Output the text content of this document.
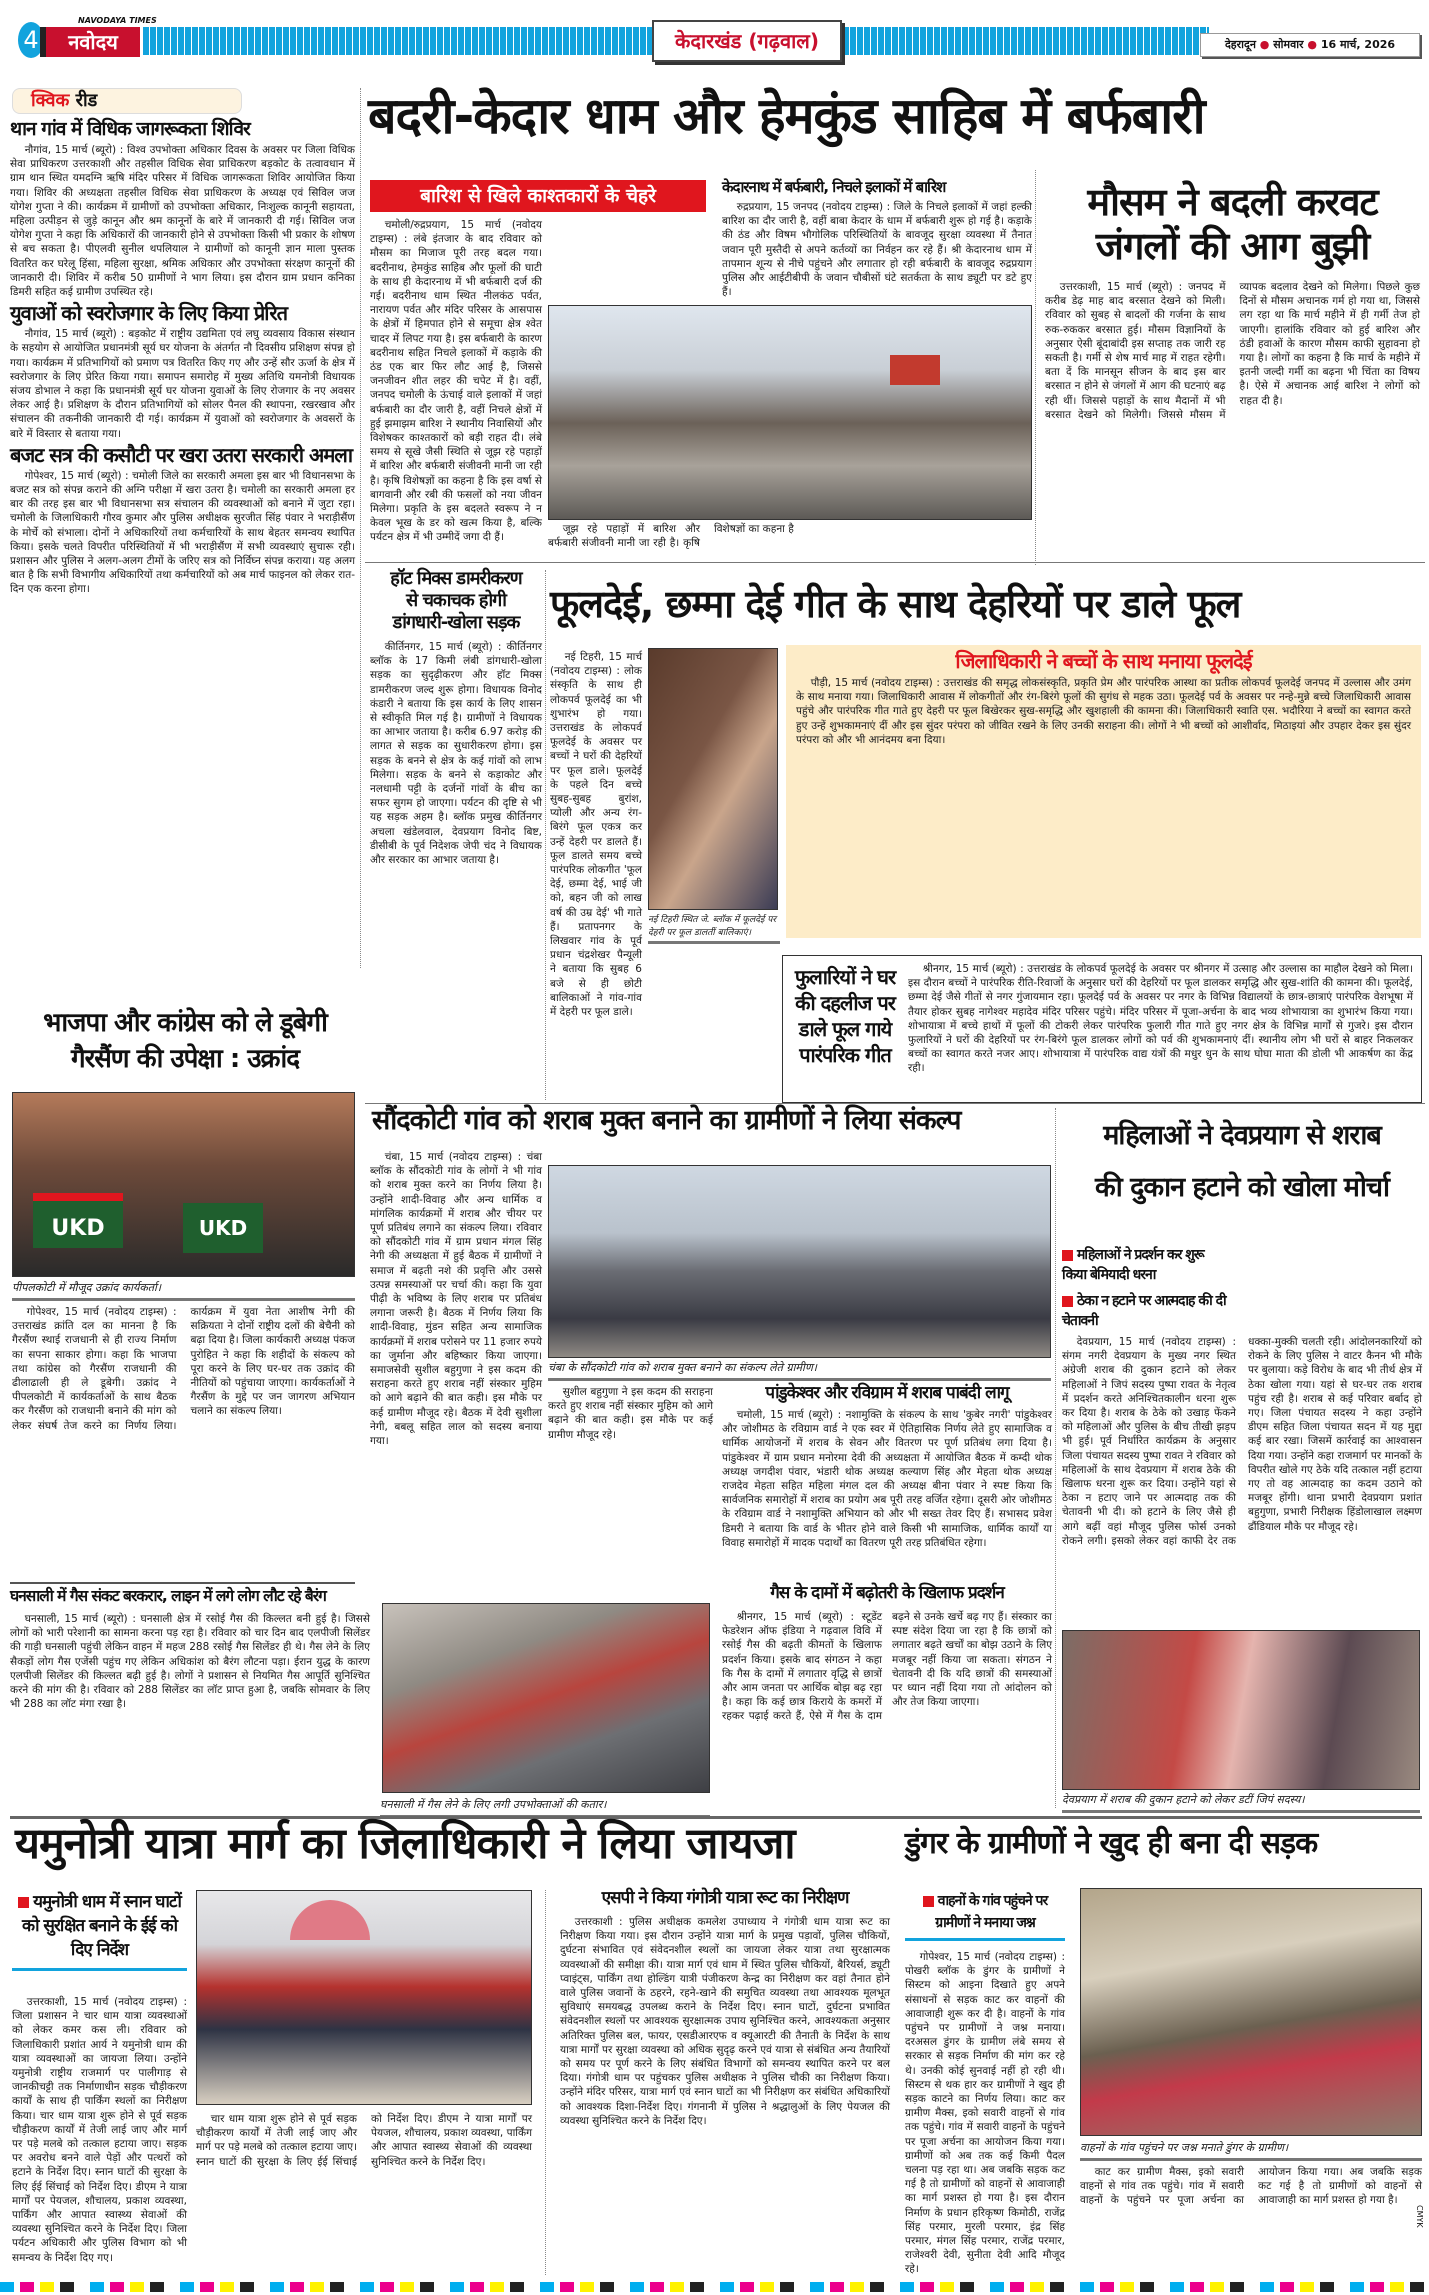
4
NAVODAYA TIMES
नवोदय टाइम्स
केदारखंड (गढ़वाल)	देहरादून ● सोमवार ● 16 मार्च, 2026
क्विक रीड
थान गांव में विधिक जागरूकता शिविर

नौगांव, 15 मार्च (ब्यूरो) : विश्व उपभोक्ता अधिकार दिवस के अवसर पर जिला विधिक सेवा प्राधिकरण उत्तरकाशी और तहसील विधिक सेवा प्राधिकरण बड़कोट के तत्वावधान में ग्राम थान स्थित यमदग्नि ऋषि मंदिर परिसर में विधिक जागरूकता शिविर आयोजित किया गया। शिविर की अध्यक्षता तहसील विधिक सेवा प्राधिकरण के अध्यक्ष एवं सिविल जज योगेश गुप्ता ने की। कार्यक्रम में ग्रामीणों को उपभोक्ता अधिकार, निःशुल्क कानूनी सहायता, महिला उत्पीड़न से जुड़े कानून और श्रम कानूनों के बारे में जानकारी दी गई। सिविल जज योगेश गुप्ता ने कहा कि अधिकारों की जानकारी होने से उपभोक्ता किसी भी प्रकार के शोषण से बच सकता है। पीएलवी सुनील थपलियाल ने ग्रामीणों को कानूनी ज्ञान माला पुस्तक वितरित कर घरेलू हिंसा, महिला सुरक्षा, श्रमिक अधिकार और उपभोक्ता संरक्षण कानूनों की जानकारी दी। शिविर में करीब 50 ग्रामीणों ने भाग लिया। इस दौरान ग्राम प्रधान कनिका डिमरी सहित कई ग्रामीण उपस्थित रहे।

युवाओं को स्वरोजगार के लिए किया प्रेरित

नौगांव, 15 मार्च (ब्यूरो) : बड़कोट में राष्ट्रीय उद्यमिता एवं लघु व्यवसाय विकास संस्थान के सहयोग से आयोजित प्रधानमंत्री सूर्य घर योजना के अंतर्गत नौ दिवसीय प्रशिक्षण संपन्न हो गया। कार्यक्रम में प्रतिभागियों को प्रमाण पत्र वितरित किए गए और उन्हें सौर ऊर्जा के क्षेत्र में स्वरोजगार के लिए प्रेरित किया गया। समापन समारोह में मुख्य अतिथि यमनोत्री विधायक संजय डोभाल ने कहा कि प्रधानमंत्री सूर्य घर योजना युवाओं के लिए रोजगार के नए अवसर लेकर आई है। प्रशिक्षण के दौरान प्रतिभागियों को सोलर पैनल की स्थापना, रखरखाव और संचालन की तकनीकी जानकारी दी गई। कार्यक्रम में युवाओं को स्वरोजगार के अवसरों के बारे में विस्तार से बताया गया।

बजट सत्र की कसौटी पर खरा उतरा सरकारी अमला

गोपेश्वर, 15 मार्च (ब्यूरो) : चमोली जिले का सरकारी अमला इस बार भी विधानसभा के बजट सत्र को संपन्न कराने की अग्नि परीक्षा में खरा उतरा है। चमोली का सरकारी अमला हर बार की तरह इस बार भी विधानसभा सत्र संचालन की व्यवस्थाओं को बनाने में जुटा रहा। चमोली के जिलाधिकारी गौरव कुमार और पुलिस अधीक्षक सुरजीत सिंह पंवार ने भराड़ीसैंण के मोर्चे को संभाला। दोनों ने अधिकारियों तथा कर्मचारियों के साथ बेहतर समन्वय स्थापित किया। इसके चलते विपरीत परिस्थितियों में भी भराड़ीसैंण में सभी व्यवस्थाएं सुचारू रही। प्रशासन और पुलिस ने अलग-अलग टीमों के जरिए सत्र को निर्विघ्न संपन्न कराया। यह अलग बात है कि सभी विभागीय अधिकारियों तथा कर्मचारियों को अब मार्च फाइनल को लेकर रात-दिन एक करना होगा।

बदरी-केदार धाम और हेमकुंड साहिब में बर्फबारी
बारिश से खिले काश्तकारों के चेहरे

चमोली/रुद्रप्रयाग, 15 मार्च (नवोदय टाइम्स) : लंबे इंतजार के बाद रविवार को मौसम का मिजाज पूरी तरह बदल गया। बदरीनाथ, हेमकुंड साहिब और फूलों की घाटी के साथ ही केदारनाथ में भी बर्फबारी दर्ज की गई। बदरीनाथ धाम स्थित नीलकंठ पर्वत, नारायण पर्वत और मंदिर परिसर के आसपास के क्षेत्रों में हिमपात होने से समूचा क्षेत्र श्वेत चादर में लिपट गया है। इस बर्फबारी के कारण बदरीनाथ सहित निचले इलाकों में कड़ाके की ठंड एक बार फिर लौट आई है, जिससे जनजीवन शीत लहर की चपेट में है। वहीं, जनपद चमोली के ऊंचाई वाले इलाकों में जहां बर्फबारी का दौर जारी है, वहीं निचले क्षेत्रों में हुई झमाझम बारिश ने स्थानीय निवासियों और विशेषकर काश्तकारों को बड़ी राहत दी। लंबे समय से सूखे जैसी स्थिति से जूझ रहे पहाड़ों में बारिश और बर्फबारी संजीवनी मानी जा रही है। कृषि विशेषज्ञों का कहना है कि इस वर्षा से बागवानी और रबी की फसलों को नया जीवन मिलेगा। प्रकृति के इस बदलते स्वरूप ने न केवल भूख के डर को खत्म किया है, बल्कि पर्यटन क्षेत्र में भी उम्मीदें जगा दी हैं।

केदारनाथ में बर्फबारी, निचले इलाकों में बारिश

रुद्रप्रयाग, 15 जनपद (नवोदय टाइम्स) : जिले के निचले इलाकों में जहां हल्की बारिश का दौर जारी है, वहीं बाबा केदार के धाम में बर्फबारी शुरू हो गई है। कड़ाके की ठंड और विषम भौगोलिक परिस्थितियों के बावजूद सुरक्षा व्यवस्था में तैनात जवान पूरी मुस्तैदी से अपने कर्तव्यों का निर्वहन कर रहे हैं। श्री केदारनाथ धाम में तापमान शून्य से नीचे पहुंचने और लगातार हो रही बर्फबारी के बावजूद रुद्रप्रयाग पुलिस और आईटीबीपी के जवान चौबीसों घंटे सतर्कता के साथ ड्यूटी पर डटे हुए हैं।

जूझ रहे पहाड़ों में बारिश और बर्फबारी संजीवनी मानी जा रही है। कृषि विशेषज्ञों का कहना है

मौसम ने बदली करवट
जंगलों की आग बुझी

उत्तरकाशी, 15 मार्च (ब्यूरो) : जनपद में करीब डेढ़ माह बाद बरसात देखने को मिली। रविवार को सुबह से बादलों की गर्जना के साथ रुक-रुककर बरसात हुई। मौसम विज्ञानियों के अनुसार ऐसी बूंदाबांदी इस सप्ताह तक जारी रह सकती है। गर्मी से शेष मार्च माह में राहत रहेगी। बता दें कि मानसून सीजन के बाद इस बार बरसात न होने से जंगलों में आग की घटनाएं बढ़ रही थीं। जिससे पहाड़ों के साथ मैदानों में भी बरसात देखने को मिलेगी। जिससे मौसम में व्यापक बदलाव देखने को मिलेगा। पिछले कुछ दिनों से मौसम अचानक गर्म हो गया था, जिससे लग रहा था कि मार्च महीने में ही गर्मी तेज हो जाएगी। हालांकि रविवार को हुई बारिश और ठंडी हवाओं के कारण मौसम काफी सुहावना हो गया है। लोगों का कहना है कि मार्च के महीने में इतनी जल्दी गर्मी का बढ़ना भी चिंता का विषय है। ऐसे में अचानक आई बारिश ने लोगों को राहत दी है।

हॉट मिक्स डामरीकरण
से चकाचक होगी
डांगधारी-खोला सड़क

कीर्तिनगर, 15 मार्च (ब्यूरो) : कीर्तिनगर ब्लॉक के 17 किमी लंबी डांगधारी-खोला सड़क का सुदृढ़ीकरण और हॉट मिक्स डामरीकरण जल्द शुरू होगा। विधायक विनोद कंडारी ने बताया कि इस कार्य के लिए शासन से स्वीकृति मिल गई है। ग्रामीणों ने विधायक का आभार जताया है। करीब 6.97 करोड़ की लागत से सड़क का सुधारीकरण होगा। इस सड़क के बनने से क्षेत्र के कई गांवों को लाभ मिलेगा। सड़क के बनने से कड़ाकोट और नलधामी पट्टी के दर्जनों गांवों के बीच का सफर सुगम हो जाएगा। पर्यटन की दृष्टि से भी यह सड़क अहम है। ब्लॉक प्रमुख कीर्तिनगर अचला खंडेलवाल, देवप्रयाग विनोद बिष्ट, डीसीबी के पूर्व निदेशक जेपी चंद ने विधायक और सरकार का आभार जताया है।

फूलदेई, छम्मा देई गीत के साथ देहरियों पर डाले फूल

नई टिहरी, 15 मार्च (नवोदय टाइम्स) : लोक संस्कृति के साथ ही लोकपर्व फूलदेई का भी शुभारंभ हो गया। उत्तराखंड के लोकपर्व फूलदेई के अवसर पर बच्चों ने घरों की देहरियों पर फूल डाले। फूलदेई के पहले दिन बच्चे सुबह-सुबह बुरांश, प्योली और अन्य रंग-बिरंगे फूल एकत्र कर उन्हें देहरी पर डालते हैं। फूल डालते समय बच्चे पारंपरिक लोकगीत 'फूल देई, छम्मा देई, भाई जी को, बहन जी को लाख वर्ष की उम्र देई' भी गाते हैं। प्रतापनगर के लिखवार गांव के पूर्व प्रधान चंद्रशेखर पैन्यूली ने बताया कि सुबह 6 बजे से ही छोटी बालिकाओं ने गांव-गांव में देहरी पर फूल डाले।

नई टिहरी स्थित जे. ब्लॉक में फूलदेई पर देहरी पर फूल डालतीं बालिकाएं।
जिलाधिकारी ने बच्चों के साथ मनाया फूलदेई

पौड़ी, 15 मार्च (नवोदय टाइम्स) : उत्तराखंड की समृद्ध लोकसंस्कृति, प्रकृति प्रेम और पारंपरिक आस्था का प्रतीक लोकपर्व फूलदेई जनपद में उल्लास और उमंग के साथ मनाया गया। जिलाधिकारी आवास में लोकगीतों और रंग-बिरंगे फूलों की सुगंध से महक उठा। फूलदेई पर्व के अवसर पर नन्हे-मुन्ने बच्चे जिलाधिकारी आवास पहुंचे और पारंपरिक गीत गाते हुए देहरी पर फूल बिखेरकर सुख-समृद्धि और खुशहाली की कामना की। जिलाधिकारी स्वाति एस. भदौरिया ने बच्चों का स्वागत करते हुए उन्हें शुभकामनाएं दीं और इस सुंदर परंपरा को जीवित रखने के लिए उनकी सराहना की। लोगों ने भी बच्चों को आशीर्वाद, मिठाइयां और उपहार देकर इस सुंदर परंपरा को और भी आनंदमय बना दिया।

फुलारियों ने घर की दहलीज पर डाले फूल गाये पारंपरिक गीत

श्रीनगर, 15 मार्च (ब्यूरो) : उत्तराखंड के लोकपर्व फूलदेई के अवसर पर श्रीनगर में उत्साह और उल्लास का माहौल देखने को मिला। इस दौरान बच्चों ने पारंपरिक रीति-रिवाजों के अनुसार घरों की देहरियों पर फूल डालकर समृद्धि और सुख-शांति की कामना की। फूलदेई, छम्मा देई जैसे गीतों से नगर गुंजायमान रहा। फूलदेई पर्व के अवसर पर नगर के विभिन्न विद्यालयों के छात्र-छात्राएं पारंपरिक वेशभूषा में तैयार होकर सुबह नागेश्वर महादेव मंदिर परिसर पहुंचे। मंदिर परिसर में पूजा-अर्चना के बाद भव्य शोभायात्रा का शुभारंभ किया गया। शोभायात्रा में बच्चे हाथों में फूलों की टोकरी लेकर पारंपरिक फुलारी गीत गाते हुए नगर क्षेत्र के विभिन्न मार्गों से गुजरे। इस दौरान फुलारियों ने घरों की देहरियों पर रंग-बिरंगे फूल डालकर लोगों को पर्व की शुभकामनाएं दीं। स्थानीय लोग भी घरों से बाहर निकलकर बच्चों का स्वागत करते नजर आए। शोभायात्रा में पारंपरिक वाद्य यंत्रों की मधुर धुन के साथ घोघा माता की डोली भी आकर्षण का केंद्र रही।

भाजपा और कांग्रेस को ले डूबेगी
गैरसैंण की उपेक्षा : उक्रांद
UKD	UKD
पीपलकोटी में मौजूद उक्रांद कार्यकर्ता।

गोपेश्वर, 15 मार्च (नवोदय टाइम्स) : उत्तराखंड क्रांति दल का मानना है कि गैरसैंण स्थाई राजधानी से ही राज्य निर्माण का सपना साकार होगा। कहा कि भाजपा तथा कांग्रेस को गैरसैंण राजधानी की ढीलाढाली ही ले डूबेगी। उक्रांद ने पीपलकोटी में कार्यकर्ताओं के साथ बैठक कर गैरसैंण को राजधानी बनाने की मांग को लेकर संघर्ष तेज करने का निर्णय लिया। कार्यक्रम में युवा नेता आशीष नेगी की सक्रियता ने दोनों राष्ट्रीय दलों की बेचैनी को बढ़ा दिया है। जिला कार्यकारी अध्यक्ष पंकज पुरोहित ने कहा कि शहीदों के संकल्प को पूरा करने के लिए घर-घर तक उक्रांद की नीतियों को पहुंचाया जाएगा। कार्यकर्ताओं ने गैरसैंण के मुद्दे पर जन जागरण अभियान चलाने का संकल्प लिया।

सौंदकोटी गांव को शराब मुक्त बनाने का ग्रामीणों ने लिया संकल्प

चंबा, 15 मार्च (नवोदय टाइम्स) : चंबा ब्लॉक के सौंदकोटी गांव के लोगों ने भी गांव को शराब मुक्त करने का निर्णय लिया है। उन्होंने शादी-विवाह और अन्य धार्मिक व मांगलिक कार्यक्रमों में शराब और चीयर पर पूर्ण प्रतिबंध लगाने का संकल्प लिया। रविवार को सौंदकोटी गांव में ग्राम प्रधान मंगल सिंह नेगी की अध्यक्षता में हुई बैठक में ग्रामीणों ने समाज में बढ़ती नशे की प्रवृत्ति और उससे उत्पन्न समस्याओं पर चर्चा की। कहा कि युवा पीढ़ी के भविष्य के लिए शराब पर प्रतिबंध लगाना जरूरी है। बैठक में निर्णय लिया कि शादी-विवाह, मुंडन सहित अन्य सामाजिक कार्यक्रमों में शराब परोसने पर 11 हजार रुपये का जुर्माना और बहिष्कार किया जाएगा। समाजसेवी सुशील बहुगुणा ने इस कदम की सराहना करते हुए शराब नहीं संस्कार मुहिम को आगे बढ़ाने की बात कही। इस मौके पर कई ग्रामीण मौजूद रहे। बैठक में देवी सुशीला नेगी, बबलू सहित लाल को सदस्य बनाया गया।

चंबा के सौंदकोटी गांव को शराब मुक्त बनाने का संकल्प लेते ग्रामीण।

सुशील बहुगुणा ने इस कदम की सराहना करते हुए शराब नहीं संस्कार मुहिम को आगे बढ़ाने की बात कही। इस मौके पर कई ग्रामीण मौजूद रहे।

पांडुकेश्वर और रविग्राम में शराब पाबंदी लागू

चमोली, 15 मार्च (ब्यूरो) : नशामुक्ति के संकल्प के साथ 'कुबेर नगरी' पांडुकेश्वर और जोशीमठ के रविग्राम वार्ड ने एक स्वर में ऐतिहासिक निर्णय लेते हुए सामाजिक व धार्मिक आयोजनों में शराब के सेवन और वितरण पर पूर्ण प्रतिबंध लगा दिया है। पांडुकेश्वर में ग्राम प्रधान मनोरमा देवी की अध्यक्षता में आयोजित बैठक में कम्दी थोक अध्यक्ष जगदीश पंवार, भंडारी थोक अध्यक्ष कल्याण सिंह और मेहता थोक अध्यक्ष राजदेव मेहता सहित महिला मंगल दल की अध्यक्ष बीना पंवार ने स्पष्ट किया कि सार्वजनिक समारोहों में शराब का प्रयोग अब पूरी तरह वर्जित रहेगा। दूसरी ओर जोशीमठ के रविग्राम वार्ड ने नशामुक्ति अभियान को और भी सख्त तेवर दिए हैं। सभासद प्रवेश डिमरी ने बताया कि वार्ड के भीतर होने वाले किसी भी सामाजिक, धार्मिक कार्यों या विवाह समारोहों में मादक पदार्थों का वितरण पूरी तरह प्रतिबंधित रहेगा।

महिलाओं ने देवप्रयाग से शराब
की दुकान हटाने को खोला मोर्चा
महिलाओं ने प्रदर्शन कर शुरू किया बेमियादी धरना
ठेका न हटाने पर आत्मदाह की दी चेतावनी

देवप्रयाग, 15 मार्च (नवोदय टाइम्स) : संगम नगरी देवप्रयाग के मुख्य नगर स्थित अंग्रेजी शराब की दुकान हटाने को लेकर महिलाओं ने जिपं सदस्य पुष्पा रावत के नेतृत्व में प्रदर्शन करते अनिश्चितकालीन धरना शुरू कर दिया है। शराब के ठेके को उखाड़ फेंकने को महिलाओं और पुलिस के बीच तीखी झड़प भी हुई। पूर्व निर्धारित कार्यक्रम के अनुसार जिला पंचायत सदस्य पुष्पा रावत ने रविवार को महिलाओं के साथ देवप्रयाग में शराब ठेके की खिलाफ धरना शुरू कर दिया। उन्होंने यहां से ठेका न हटाए जाने पर आत्मदाह तक की चेतावनी भी दी। को हटाने के लिए जैसे ही आगे बढ़ीं वहां मौजूद पुलिस फोर्स उनको रोकने लगी। इसको लेकर वहां काफी देर तक धक्का-मुक्की चलती रही। आंदोलनकारियों को रोकने के लिए पुलिस ने वाटर कैनन भी मौके पर बुलाया। कड़े विरोध के बाद भी तीर्थ क्षेत्र में ठेका खोला गया। यहां से घर-घर तक शराब पहुंच रही है। शराब से कई परिवार बर्बाद हो गए। जिला पंचायत सदस्य ने कहा उन्होंने डीएम सहित जिला पंचायत सदन में यह मुद्दा कई बार रखा। जिसमें कार्रवाई का आश्वासन दिया गया। उन्होंने कहा राजमार्ग पर मानकों के विपरीत खोले गए ठेके यदि तत्काल नहीं हटाया गए तो वह आत्मदाह का कदम उठाने को मजबूर होंगी। थाना प्रभारी देवप्रयाग प्रशांत बहुगुणा, प्रभारी निरीक्षक हिंडोलाखाल लक्ष्मण ढौंडियाल मौके पर मौजूद रहे।

देवप्रयाग में शराब की दुकान हटाने को लेकर डटीं जिपं सदस्य।
घनसाली में गैस संकट बरकरार, लाइन में लगे लोग लौट रहे बैरंग

घनसाली, 15 मार्च (ब्यूरो) : घनसाली क्षेत्र में रसोई गैस की किल्लत बनी हुई है। जिससे लोगों को भारी परेशानी का सामना करना पड़ रहा है। रविवार को चार दिन बाद एलपीजी सिलेंडर की गाड़ी घनसाली पहुंची लेकिन वाहन में महज 288 रसोई गैस सिलेंडर ही थे। गैस लेने के लिए सैकड़ों लोग गैस एजेंसी पहुंच गए लेकिन अधिकांश को बैरंग लौटना पड़ा। ईरान युद्ध के कारण एलपीजी सिलेंडर की किल्लत बढ़ी हुई है। लोगों ने प्रशासन से नियमित गैस आपूर्ति सुनिश्चित करने की मांग की है। रविवार को 288 सिलेंडर का लॉट प्राप्त हुआ है, जबकि सोमवार के लिए भी 288 का लॉट मंगा रखा है।

घनसाली में गैस लेने के लिए लगी उपभोक्ताओं की कतार।
गैस के दामों में बढ़ोतरी के खिलाफ प्रदर्शन

श्रीनगर, 15 मार्च (ब्यूरो) : स्टूडेंट फेडरेशन ऑफ इंडिया ने गढ़वाल विवि में रसोई गैस की बढ़ती कीमतों के खिलाफ प्रदर्शन किया। इसके बाद संगठन ने कहा कि गैस के दामों में लगातार वृद्धि से छात्रों और आम जनता पर आर्थिक बोझ बढ़ रहा है। कहा कि कई छात्र किराये के कमरों में रहकर पढ़ाई करते हैं, ऐसे में गैस के दाम बढ़ने से उनके खर्चे बढ़ गए हैं। संस्कार का स्पष्ट संदेश दिया जा रहा है कि छात्रों को लगातार बढ़ते खर्चों का बोझ उठाने के लिए मजबूर नहीं किया जा सकता। संगठन ने चेतावनी दी कि यदि छात्रों की समस्याओं पर ध्यान नहीं दिया गया तो आंदोलन को और तेज किया जाएगा।

यमुनोत्री यात्रा मार्ग का जिलाधिकारी ने लिया जायजा	डुंगर के ग्रामीणों ने खुद ही बना दी सड़क
यमुनोत्री धाम में स्नान घाटों को सुरक्षित बनाने के ईई को दिए निर्देश

उत्तरकाशी, 15 मार्च (नवोदय टाइम्स) : जिला प्रशासन ने चार धाम यात्रा व्यवस्थाओं को लेकर कमर कस ली। रविवार को जिलाधिकारी प्रशांत आर्य ने यमुनोत्री धाम की यात्रा व्यवस्थाओं का जायजा लिया। उन्होंने यमुनोत्री राष्ट्रीय राजमार्ग पर पालीगाड़ से जानकीचट्टी तक निर्माणाधीन सड़क चौड़ीकरण कार्यों के साथ ही पार्किंग स्थलों का निरीक्षण किया। चार धाम यात्रा शुरू होने से पूर्व सड़क चौड़ीकरण कार्यों में तेजी लाई जाए और मार्ग पर पड़े मलबे को तत्काल हटाया जाए। सड़क पर अवरोध बनने वाले पेड़ों और पत्थरों को हटाने के निर्देश दिए। स्नान घाटों की सुरक्षा के लिए ईई सिंचाई को निर्देश दिए। डीएम ने यात्रा मार्गों पर पेयजल, शौचालय, प्रकाश व्यवस्था, पार्किंग और आपात स्वास्थ्य सेवाओं की व्यवस्था सुनिश्चित करने के निर्देश दिए। जिला पर्यटन अधिकारी और पुलिस विभाग को भी समन्वय के निर्देश दिए गए।

चार धाम यात्रा शुरू होने से पूर्व सड़क चौड़ीकरण कार्यों में तेजी लाई जाए और मार्ग पर पड़े मलबे को तत्काल हटाया जाए। स्नान घाटों की सुरक्षा के लिए ईई सिंचाई को निर्देश दिए। डीएम ने यात्रा मार्गों पर पेयजल, शौचालय, प्रकाश व्यवस्था, पार्किंग और आपात स्वास्थ्य सेवाओं की व्यवस्था सुनिश्चित करने के निर्देश दिए।

एसपी ने किया गंगोत्री यात्रा रूट का निरीक्षण

उत्तरकाशी : पुलिस अधीक्षक कमलेश उपाध्याय ने गंगोत्री धाम यात्रा रूट का निरीक्षण किया गया। इस दौरान उन्होंने यात्रा मार्ग के प्रमुख पड़ावों, पुलिस चौकियों, दुर्घटना संभावित एवं संवेदनशील स्थलों का जायजा लेकर यात्रा तथा सुरक्षात्मक व्यवस्थाओं की समीक्षा की। यात्रा मार्ग एवं धाम में स्थित पुलिस चौकियों, बैरियर्स, ड्यूटी प्वाइंट्स, पार्किंग तथा होल्डिंग यात्री पंजीकरण केन्द्र का निरीक्षण कर वहां तैनात होने वाले पुलिस जवानों के ठहरने, रहने-खाने की समुचित व्यवस्था तथा आवश्यक मूलभूत सुविधाएं समयबद्ध उपलब्ध कराने के निर्देश दिए। स्नान घाटों, दुर्घटना प्रभावित संवेदनशील स्थलों पर आवश्यक सुरक्षात्मक उपाय सुनिश्चित करने, आवश्यकता अनुसार अतिरिक्त पुलिस बल, फायर, एसडीआरएफ व क्यूआरटी की तैनाती के निर्देश के साथ यात्रा मार्गों पर सुरक्षा व्यवस्था को अधिक सुदृढ़ करने एवं यात्रा से संबंधित अन्य तैयारियों को समय पर पूर्ण करने के लिए संबंधित विभागों को समन्वय स्थापित करने पर बल दिया। गंगोत्री धाम पर पहुंचकर पुलिस अधीक्षक ने पुलिस चौकी का निरीक्षण किया। उन्होंने मंदिर परिसर, यात्रा मार्ग एवं स्नान घाटों का भी निरीक्षण कर संबंधित अधिकारियों को आवश्यक दिशा-निर्देश दिए। गंगनानी में पुलिस ने श्रद्धालुओं के लिए पेयजल की व्यवस्था सुनिश्चित करने के निर्देश दिए।

वाहनों के गांव पहुंचने पर ग्रामीणों ने मनाया जश्न

गोपेश्वर, 15 मार्च (नवोदय टाइम्स) : पोखरी ब्लॉक के डुंगर के ग्रामीणों ने सिस्टम को आइना दिखाते हुए अपने संसाधनों से सड़क काट कर वाहनों की आवाजाही शुरू कर दी है। वाहनों के गांव पहुंचने पर ग्रामीणों ने जश्न मनाया। दरअसल डुंगर के ग्रामीण लंबे समय से सरकार से सड़क निर्माण की मांग कर रहे थे। उनकी कोई सुनवाई नहीं हो रही थी। सिस्टम से थक हार कर ग्रामीणों ने खुद ही सड़क काटने का निर्णय लिया। काट कर ग्रामीण मैक्स, इको सवारी वाहनों से गांव तक पहुंचे। गांव में सवारी वाहनों के पहुंचने पर पूजा अर्चना का आयोजन किया गया। ग्रामीणों को अब तक कई किमी पैदल चलना पड़ रहा था। अब जबकि सड़क कट गई है तो ग्रामीणों को वाहनों से आवाजाही का मार्ग प्रशस्त हो गया है। इस दौरान निर्माण के प्रधान हरिकृष्ण किमोठी, राजेंद्र सिंह परमार, मुरली परमार, इंद्र सिंह परमार, मंगल सिंह परमार, राजेंद्र परमार, राजेश्वरी देवी, सुनीता देवी आदि मौजूद रहे।

वाहनों के गांव पहुंचने पर जश्न मनाते डुंगर के ग्रामीण।

काट कर ग्रामीण मैक्स, इको सवारी वाहनों से गांव तक पहुंचे। गांव में सवारी वाहनों के पहुंचने पर पूजा अर्चना का आयोजन किया गया। अब जबकि सड़क कट गई है तो ग्रामीणों को वाहनों से आवाजाही का मार्ग प्रशस्त हो गया है।

CMYK
